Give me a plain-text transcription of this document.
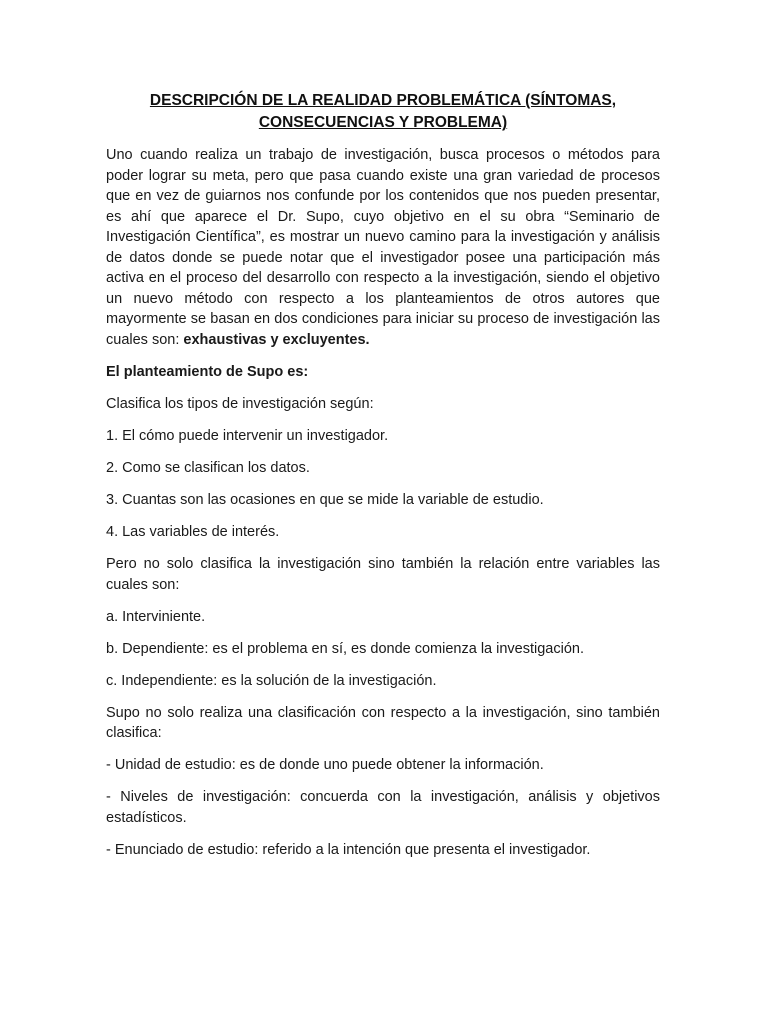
DESCRIPCIÓN DE LA REALIDAD PROBLEMÁTICA (SÍNTOMAS,
CONSECUENCIAS Y PROBLEMA)

Uno cuando realiza un trabajo de investigación, busca procesos o métodos para poder lograr su meta, pero que pasa cuando existe una gran variedad de procesos que en vez de guiarnos nos confunde por los contenidos que nos pueden presentar, es ahí que aparece el Dr. Supo, cuyo objetivo en el su obra “Seminario de Investigación Científica”, es mostrar un nuevo camino para la investigación y análisis de datos donde se puede notar que el investigador posee una participación más activa en el proceso del desarrollo con respecto a la investigación, siendo el objetivo un nuevo método con respecto a los planteamientos de otros autores que mayormente se basan en dos condiciones para iniciar su proceso de investigación las cuales son: exhaustivas y excluyentes.

El planteamiento de Supo es:

Clasifica los tipos de investigación según:

1. El cómo puede intervenir un investigador.

2. Como se clasifican los datos.

3. Cuantas son las ocasiones en que se mide la variable de estudio.

4. Las variables de interés.

Pero no solo clasifica la investigación sino también la relación entre variables las cuales son:

a. Interviniente.

b. Dependiente: es el problema en sí, es donde comienza la investigación.

c. Independiente: es la solución de la investigación.

Supo no solo realiza una clasificación con respecto a la investigación, sino también clasifica:

- Unidad de estudio: es de donde uno puede obtener la información.

- Niveles de investigación: concuerda con la investigación, análisis y objetivos estadísticos.

- Enunciado de estudio: referido a la intención que presenta el investigador.
